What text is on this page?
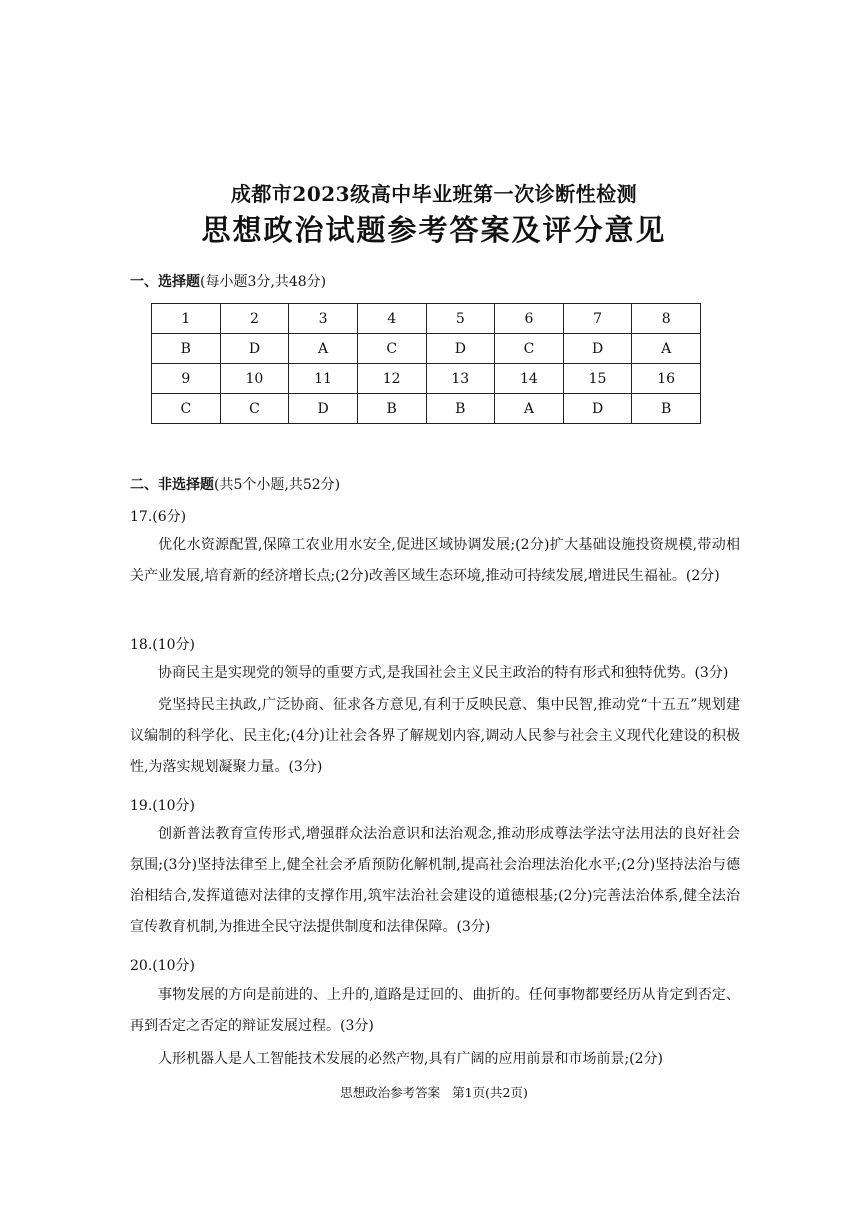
成都市2023级高中毕业班第一次诊断性检测
思想政治试题参考答案及评分意见
一、选择题(每小题3分,共48分)
1	2	3	4	5	6	7	8
B	D	A	C	D	C	D	A
9	10	11	12	13	14	15	16
C	C	D	B	B	A	D	B
二、非选择题(共5个小题,共52分)
17.(6分)
优化水资源配置,保障工农业用水安全,促进区域协调发展;(2分)扩大基础设施投资规模,带动相关产业发展,培育新的经济增长点;(2分)改善区域生态环境,推动可持续发展,增进民生福祉。(2分)
18.(10分)
协商民主是实现党的领导的重要方式,是我国社会主义民主政治的特有形式和独特优势。(3分)
党坚持民主执政,广泛协商、征求各方意见,有利于反映民意、集中民智,推动党“十五五”规划建议编制的科学化、民主化;(4分)让社会各界了解规划内容,调动人民参与社会主义现代化建设的积极性,为落实规划凝聚力量。(3分)
19.(10分)
创新普法教育宣传形式,增强群众法治意识和法治观念,推动形成尊法学法守法用法的良好社会氛围;(3分)坚持法律至上,健全社会矛盾预防化解机制,提高社会治理法治化水平;(2分)坚持法治与德治相结合,发挥道德对法律的支撑作用,筑牢法治社会建设的道德根基;(2分)完善法治体系,健全法治宣传教育机制,为推进全民守法提供制度和法律保障。(3分)
20.(10分)
事物发展的方向是前进的、上升的,道路是迂回的、曲折的。任何事物都要经历从肯定到否定、再到否定之否定的辩证发展过程。(3分)
人形机器人是人工智能技术发展的必然产物,具有广阔的应用前景和市场前景;(2分)
思想政治参考答案 第1页(共2页)
